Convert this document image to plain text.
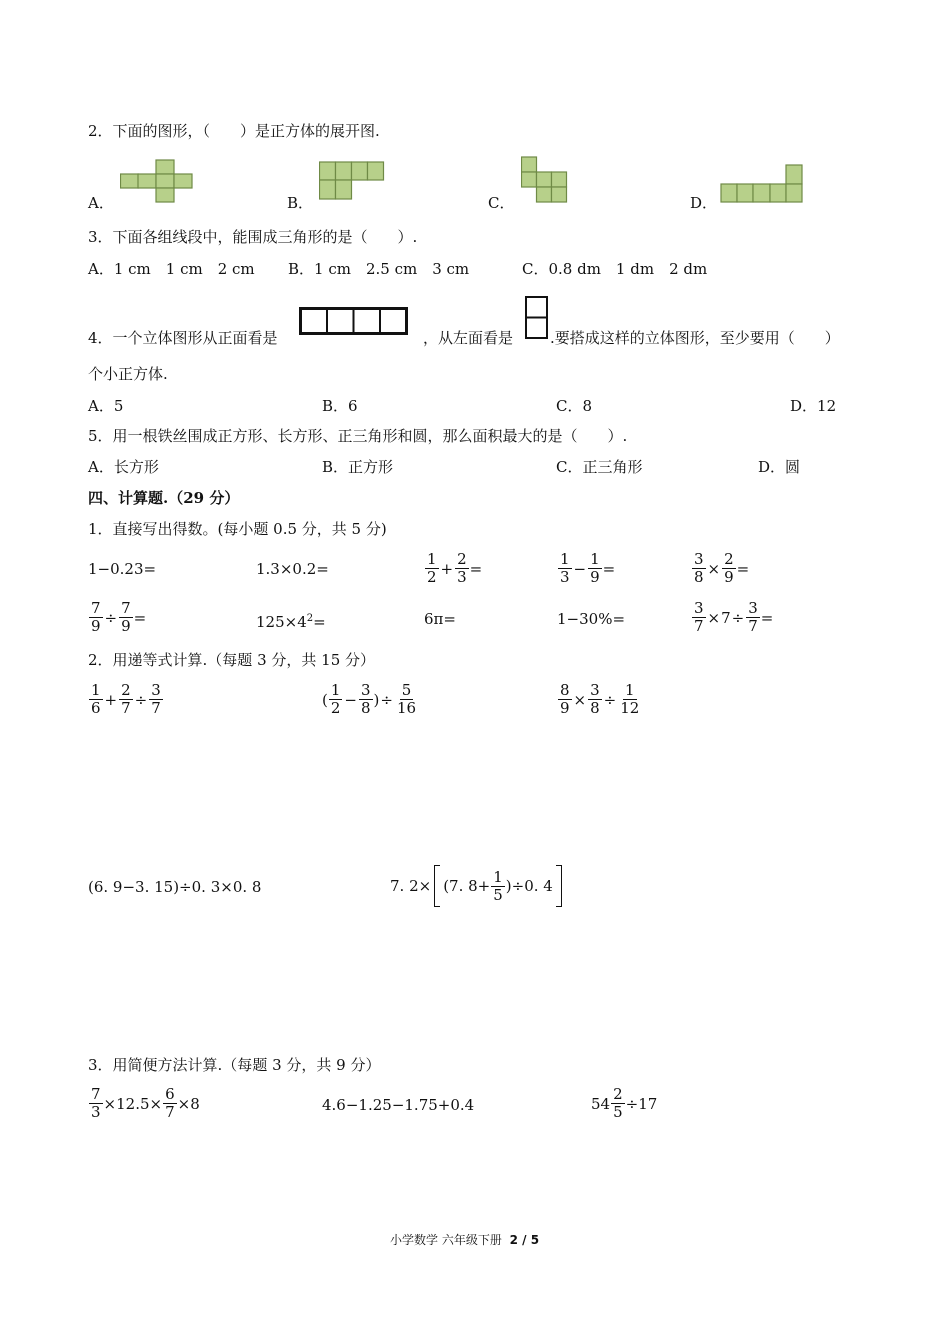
2．下面的图形，（　　）是正方体的展开图.
A．	B．	C．	D．
3．下面各组线段中，能围成三角形的是（　　）.
A．1 cm　1 cm　2 cm B．1 cm　2.5 cm　3 cm	C．0.8 dm　1 dm　2 dm
4．一个立体图形从正面看是	，从左面看是 .要搭成这样的立体图形，至少要用（　　）
个小正方体.
A．5	B．6	C．8	D．12
5．用一根铁丝围成正方形、长方形、正三角形和圆，那么面积最大的是（　　）.
A．长方形	B．正方形	C．正三角形	D．圆
四、计算题.（29 分）
1．直接写出得数。(每小题 0.5 分，共 5 分)
1−0.23=	1.3×0.2=	$\frac{1}{2} + \frac{2}{3}$ =	$\frac{1}{3} - \frac{1}{9}$ =	$\frac{3}{8} \times \frac{2}{9}$ =
$\frac{7}{9} \div \frac{7}{9}$ =	$125\times 4^2=$	6π=	1−30%=	$\frac{3}{7} \times 7 \div \frac{3}{7}$ =
2．用递等式计算.（每题 3 分，共 15 分）
$\frac{1}{6} + \frac{2}{7} \div \frac{3}{7}$	( $\frac{1}{2} - \frac{3}{8}$ ) ÷ $\frac{5}{16}$	$\frac{8}{9} \times \frac{3}{8} \div \frac{1}{12}$
(6. 9−3. 15)÷0. 3×0. 8	7. 2× (7. $8+ \frac{1}{5} )\div 0$. 4
3．用简便方法计算.（每题 3 分，共 9 分）
$\frac{7}{3} \times 12.5\times \frac{6}{7} \times 8$	4.6−1.25−1.75+0.4	$54 \frac{2}{5} \div 17$
小学数学 六年级下册 2 / 5
